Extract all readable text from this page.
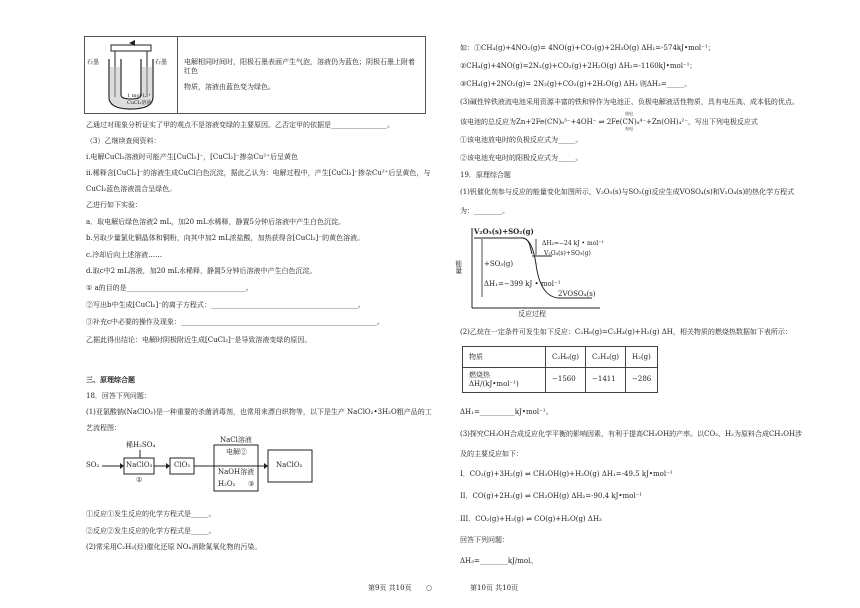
石墨	石墨
1 mol·L⁻¹
CuCl₂溶液

电解相同时间时，阳极石墨表面产生气泡，溶液仍为蓝色；阴极石墨上附着红色
物质，溶液由蓝色变为绿色。
乙通过对现象分析证实了甲的观点不是溶液变绿的主要原因。乙否定甲的依据是________________。
（3）乙继续查阅资料：
i.电解CuCl₂溶液时可能产生[CuCl₂]⁻，[CuCl₂]⁻掺杂Cu²⁺后呈黄色
ii.稀释含[CuCl₂]⁻的溶液生成CuCl白色沉淀，据此乙认为：电解过程中，产生[CuCl₂]⁻掺杂Cu²⁺后呈黄色，与
CuCl₂蓝色溶液混合呈绿色。
乙进行如下实验：
a．取电解后绿色溶液2 mL，加20 mL水稀释，静置5分钟后溶液中产生白色沉淀。
b.另取少量氯化铜晶体和铜粉，向其中加2 mL浓盐酸，加热获得含[CuCl₂]⁻的黄色溶液。
c.冷却后向上述溶液……
d.取c中2 mL溶液，加20 mL水稀释，静置5分钟后溶液中产生白色沉淀。
① a的目的是__________________________________。
②写出b中生成[CuCl₂]⁻的离子方程式：__________________________________________。
③补充c中必要的操作及现象：________________________________________________________。
乙据此得出结论：电解时阴极附近生成[CuCl₂]⁻是导致溶液变绿的原因。
三、原理综合题
18．回答下列问题：
(1)亚氯酸钠(NaClO₂)是一种重要的杀菌消毒剂，也常用来漂白织物等，以下是生产 NaClO₂•3H₂O粗产品的工
艺流程图：
SO₂
稀H₂SO₄
NaClO₃
①
ClO₂
NaCl溶液
电解②
NaOH溶液
H₂O₂ ③
NaClO₂
①反应①发生反应的化学方程式是_____。
②反应②发生反应的化学方程式是_____。
(2)常采用C₂H₂(烃)催化还原 NOₓ消除氮氧化物的污染。
如：①CH₄(g)+4NO₂(g)= 4NO(g)+CO₂(g)+2H₂O(g) ΔH₁=-574kJ•mol⁻¹；
②CH₄(g)+4NO(g)=2N₂(g)+CO₂(g)+2H₂O(g) ΔH₂=-1160kJ•mol⁻¹；
③CH₄(g)+2NO₂(g)= 2N₂(g)+CO₂(g)+2H₂O(g) ΔH₃ 则ΔH₃=_____。
(3)碱性锌铁液流电池采用资源丰富的铁和锌作为电池正、负极电解液活性物质，具有电压高、成本低的优点。
该电池的总反应为Zn+2Fe(CN)₆³⁻+4OH⁻ ⇌ 2Fe(CN)₆⁴⁻+Zn(OH)₄²⁻，写出下列电极反应式
放电
充电
①该电池放电时的负极反应式为_____。
②该电池充电时的阳极反应式为_____。
19．原理综合题
(1)钒催化剂参与反应的能量变化如图所示，V₂O₅(s)与SO₂(g)反应生成VOSO₄(s)和V₂O₄(s)的热化学方程式
为：________。
V₂O₅(s)+SO₂(g)
ΔH₂=−24 kJ • mol⁻¹
V₂O₄(s)+SO₃(g)
+SO₃(g)
ΔH₁=−399 kJ • mol⁻¹
2VOSO₄(s)
能量
反应过程
(2)乙烷在一定条件可发生如下反应：C₂H₆(g)=C₂H₄(g)+H₂(g) ΔH，相关物质的燃烧热数据如下表所示：
物质	C₂H₆(g)	C₂H₄(g)	H₂(g)
燃烧热ΔH/(kJ•mol⁻¹)	−1560	−1411	−286
ΔH₁=__________kJ•mol⁻¹。
(3)探究CH₃OH合成反应化学平衡的影响因素，有利于提高CH₃OH的产率。以CO₂、H₂为原料合成CH₃OH涉
及的主要反应如下：
I．CO₂(g)+3H₂(g) ⇌ CH₃OH(g)+H₂O(g) ΔH₁=-49.5 kJ•mol⁻¹
II．CO(g)+2H₂(g) ⇌ CH₃OH(g) ΔH₂=-90.4 kJ•mol⁻¹
III．CO₂(g)+H₂(g) ⇌ CO(g)+H₂O(g) ΔH₃
回答下列问题：
ΔH₃=________kJ/mol。
第9页 共10页 ○	第10页 共10页
